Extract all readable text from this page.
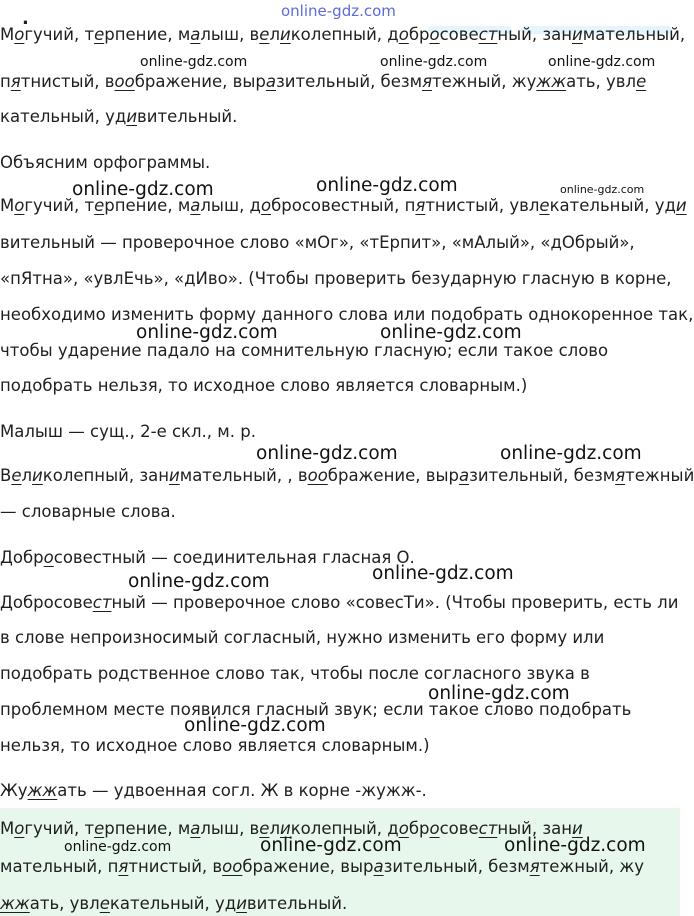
.
Могучий, терпение, малыш, великолепный, добросовестный, занимательный,
пятнистый, воображение, выразительный, безмятежный, жужжать, увле
кательный, удивительный.
Объясним орфограммы.
Могучий, терпение, малыш, добросовестный, пятнистый, увлекательный, уди
вительный — проверочное слово «мОг», «тЕрпит», «мАлый», «дОбрый»,
«пЯтна», «увлЕчь», «дИво». (Чтобы проверить безударную гласную в корне,
необходимо изменить форму данного слова или подобрать однокоренное так,
чтобы ударение падало на сомнительную гласную; если такое слово
подобрать нельзя, то исходное слово является словарным.)
Малыш — сущ., 2-е скл., м. р.
Великолепный, занимательный, , воображение, выразительный, безмятежный
— словарные слова.
Добросовестный — соединительная гласная О.
Добросовестный — проверочное слово «совесТи». (Чтобы проверить, есть ли
в слове непроизносимый согласный, нужно изменить его форму или
подобрать родственное слово так, чтобы после согласного звука в
проблемном месте появился гласный звук; если такое слово подобрать
нельзя, то исходное слово является словарным.)
Жужжать — удвоенная согл. Ж в корне -жужж-.
Могучий, терпение, малыш, великолепный, добросовестный, зани
мательный, пятнистый, воображение, выразительный, безмятежный, жу
жжать, увлекательный, удивительный.
online-gdz.com
online-gdz.com	online-gdz.com	online-gdz.com
online-gdz.com	online-gdz.com	online-gdz.com
online-gdz.com	online-gdz.com
online-gdz.com	online-gdz.com
online-gdz.com	online-gdz.com
online-gdz.com
online-gdz.com
online-gdz.com	online-gdz.com	online-gdz.com
